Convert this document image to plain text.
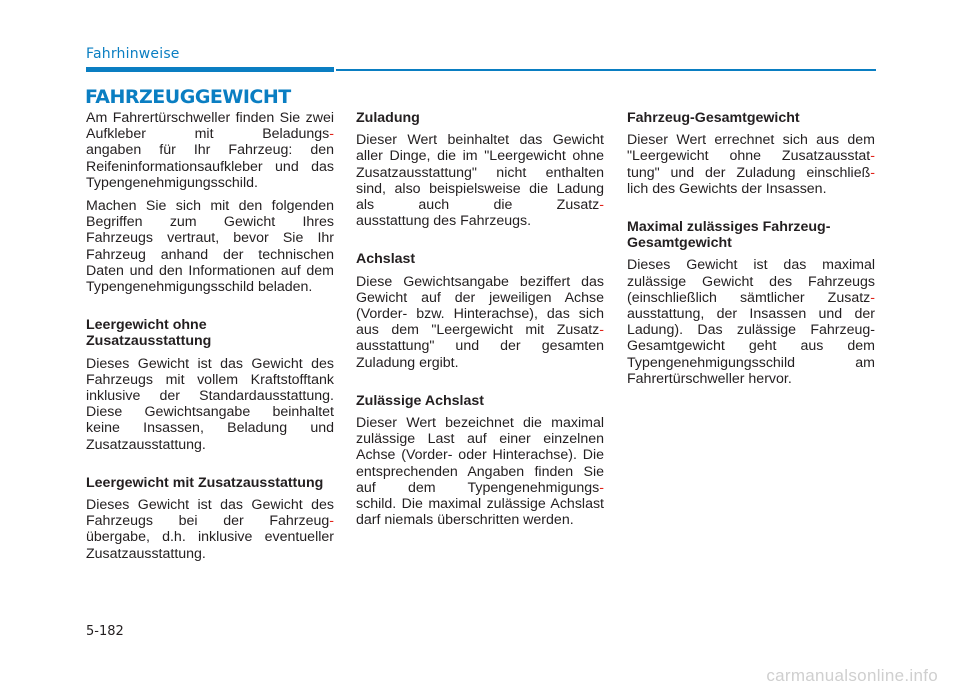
Fahrhinweise
FAHRZEUGGEWICHT

Am Fahrertürschweller finden Sie zwei Aufkleber mit Beladungs-
angaben für Ihr Fahrzeug: den Reifeninformationsaufkleber und das Typengenehmigungsschild.

Machen Sie sich mit den folgenden Begriffen zum Gewicht Ihres Fahrzeugs vertraut, bevor Sie Ihr Fahrzeug anhand der technischen Daten und den Informationen auf dem Typengenehmigungsschild beladen.

Leergewicht ohne Zusatzausstattung

Dieses Gewicht ist das Gewicht des Fahrzeugs mit vollem Kraftstofftank inklusive der Standardausstattung. Diese Gewichtsangabe beinhaltet keine Insassen, Beladung und Zusatzausstattung.

Leergewicht mit Zusatzausstattung

Dieses Gewicht ist das Gewicht des Fahrzeugs bei der Fahrzeug-
übergabe, d.h. inklusive eventueller Zusatzausstattung.

Zuladung

Dieser Wert beinhaltet das Gewicht aller Dinge, die im "Leergewicht ohne Zusatzausstattung" nicht enthalten sind, also beispielsweise die Ladung als auch die Zusatz-
ausstattung des Fahrzeugs.

Achslast

Diese Gewichtsangabe beziffert das Gewicht auf der jeweiligen Achse (Vorder- bzw. Hinterachse), das sich aus dem "Leergewicht mit Zusatz-
ausstattung" und der gesamten Zuladung ergibt.

Zulässige Achslast

Dieser Wert bezeichnet die maximal zulässige Last auf einer einzelnen Achse (Vorder- oder Hinterachse). Die entsprechenden Angaben finden Sie auf dem Typengenehmigungs-
schild. Die maximal zulässige Achslast darf niemals überschritten werden.

Fahrzeug-Gesamtgewicht

Dieser Wert errechnet sich aus dem "Leergewicht ohne Zusatzausstat-
tung" und der Zuladung einschließ-
lich des Gewichts der Insassen.

Maximal zulässiges Fahrzeug-Gesamtgewicht

Dieses Gewicht ist das maximal zulässige Gewicht des Fahrzeugs (einschließlich sämtlicher Zusatz-
ausstattung, der Insassen und der Ladung). Das zulässige Fahrzeug-Gesamtgewicht geht aus dem Typengenehmigungsschild am Fahrertürschweller hervor.

5-182
carmanualsonline.info
